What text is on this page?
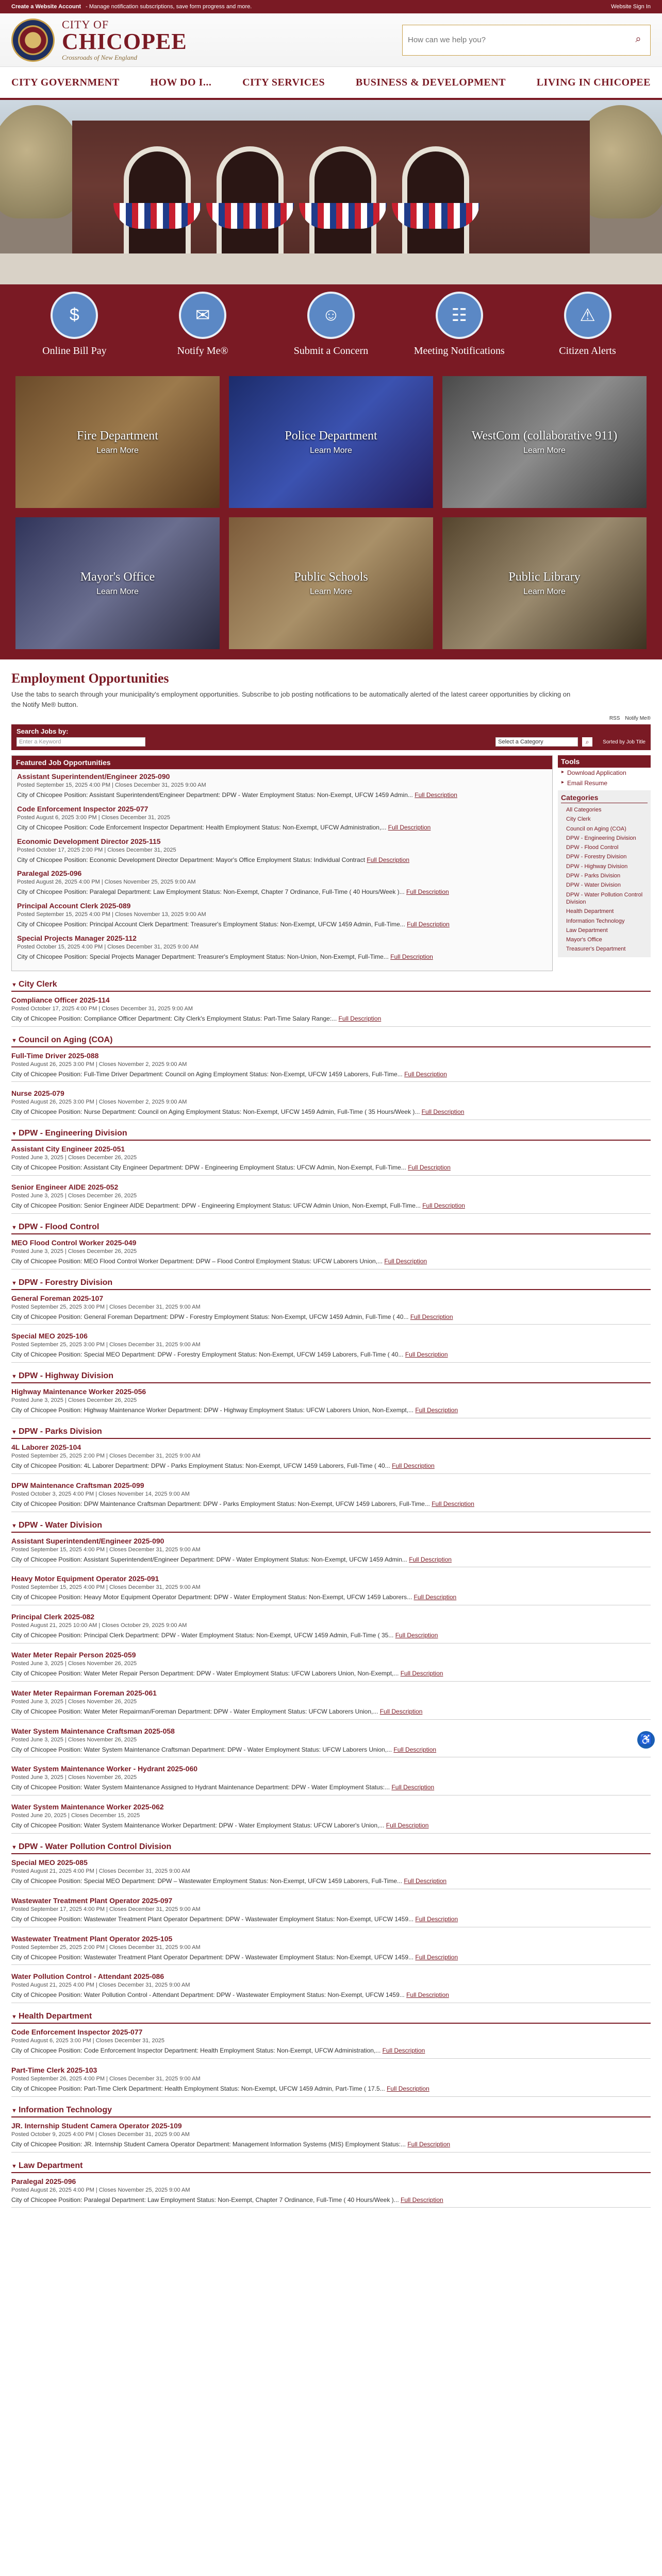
Create a Website Account - Manage notification subscriptions, save form progress and more.	Website Sign In
CITY OF
CHICOPEE
Crossroads of New England
How can we help you?
⌕
CITY GOVERNMENT	HOW DO I...	CITY SERVICES	BUSINESS & DEVELOPMENT	LIVING IN CHICOPEE
$
Online Bill Pay
✉
Notify Me®
☺
Submit a Concern
☷
Meeting Notifications
⚠
Citizen Alerts
Fire Department
Learn More
Police Department
Learn More
WestCom (collaborative 911)
Learn More
Mayor's Office
Learn More
Public Schools
Learn More
Public Library
Learn More
Employment Opportunities

Use the tabs to search through your municipality's employment opportunities. Subscribe to job posting notifications to be automatically alerted of the latest career opportunities by clicking on the Notify Me® button.

RSS Notify Me®
Search Jobs by:
Enter a Keyword	Select a Category	⌕	Sorted by Job Title
Featured Job Opportunities
Assistant Superintendent/Engineer 2025-090
Posted September 15, 2025 4:00 PM | Closes December 31, 2025 9:00 AM
City of Chicopee Position: Assistant Superintendent/Engineer Department: DPW - Water Employment Status: Non-Exempt, UFCW 1459 Admin... Full Description
Code Enforcement Inspector 2025-077
Posted August 6, 2025 3:00 PM | Closes December 31, 2025
City of Chicopee Position: Code Enforcement Inspector Department: Health Employment Status: Non-Exempt, UFCW Administration,... Full Description
Economic Development Director 2025-115
Posted October 17, 2025 2:00 PM | Closes December 31, 2025
City of Chicopee Position: Economic Development Director Department: Mayor's Office Employment Status: Individual Contract Full Description
Paralegal 2025-096
Posted August 26, 2025 4:00 PM | Closes November 25, 2025 9:00 AM
City of Chicopee Position: Paralegal Department: Law Employment Status: Non-Exempt, Chapter 7 Ordinance, Full-Time ( 40 Hours/Week )... Full Description
Principal Account Clerk 2025-089
Posted September 15, 2025 4:00 PM | Closes November 13, 2025 9:00 AM
City of Chicopee Position: Principal Account Clerk Department: Treasurer's Employment Status: Non-Exempt, UFCW 1459 Admin, Full-Time... Full Description
Special Projects Manager 2025-112
Posted October 15, 2025 4:00 PM | Closes December 31, 2025 9:00 AM
City of Chicopee Position: Special Projects Manager Department: Treasurer's Employment Status: Non-Union, Non-Exempt, Full-Time... Full Description
Tools
▸ Download Application
▸ Email Resume
Categories
All Categories
City Clerk
Council on Aging (COA)
DPW - Engineering Division
DPW - Flood Control
DPW - Forestry Division
DPW - Highway Division
DPW - Parks Division
DPW - Water Division
DPW - Water Pollution Control Division
Health Department
Information Technology
Law Department
Mayor's Office
Treasurer's Department
▼ City Clerk
Compliance Officer 2025-114
Posted October 17, 2025 4:00 PM | Closes December 31, 2025 9:00 AM
City of Chicopee Position: Compliance Officer Department: City Clerk's Employment Status: Part-Time Salary Range:... Full Description
▼ Council on Aging (COA)
Full-Time Driver 2025-088
Posted August 26, 2025 3:00 PM | Closes November 2, 2025 9:00 AM
City of Chicopee Position: Full-Time Driver Department: Council on Aging Employment Status: Non-Exempt, UFCW 1459 Laborers, Full-Time... Full Description
Nurse 2025-079
Posted August 26, 2025 3:00 PM | Closes November 2, 2025 9:00 AM
City of Chicopee Position: Nurse Department: Council on Aging Employment Status: Non-Exempt, UFCW 1459 Admin, Full-Time ( 35 Hours/Week )... Full Description
▼ DPW - Engineering Division
Assistant City Engineer 2025-051
Posted June 3, 2025 | Closes December 26, 2025
City of Chicopee Position: Assistant City Engineer Department: DPW - Engineering Employment Status: UFCW Admin, Non-Exempt, Full-Time... Full Description
Senior Engineer AIDE 2025-052
Posted June 3, 2025 | Closes December 26, 2025
City of Chicopee Position: Senior Engineer AIDE Department: DPW - Engineering Employment Status: UFCW Admin Union, Non-Exempt, Full-Time... Full Description
▼ DPW - Flood Control
MEO Flood Control Worker 2025-049
Posted June 3, 2025 | Closes December 26, 2025
City of Chicopee Position: MEO Flood Control Worker Department: DPW – Flood Control Employment Status: UFCW Laborers Union,... Full Description
▼ DPW - Forestry Division
General Foreman 2025-107
Posted September 25, 2025 3:00 PM | Closes December 31, 2025 9:00 AM
City of Chicopee Position: General Foreman Department: DPW - Forestry Employment Status: Non-Exempt, UFCW 1459 Admin, Full-Time ( 40... Full Description
Special MEO 2025-106
Posted September 25, 2025 3:00 PM | Closes December 31, 2025 9:00 AM
City of Chicopee Position: Special MEO Department: DPW - Forestry Employment Status: Non-Exempt, UFCW 1459 Laborers, Full-Time ( 40... Full Description
▼ DPW - Highway Division
Highway Maintenance Worker 2025-056
Posted June 3, 2025 | Closes December 26, 2025
City of Chicopee Position: Highway Maintenance Worker Department: DPW - Highway Employment Status: UFCW Laborers Union, Non-Exempt,... Full Description
▼ DPW - Parks Division
4L Laborer 2025-104
Posted September 25, 2025 2:00 PM | Closes December 31, 2025 9:00 AM
City of Chicopee Position: 4L Laborer Department: DPW - Parks Employment Status: Non-Exempt, UFCW 1459 Laborers, Full-Time ( 40... Full Description
DPW Maintenance Craftsman 2025-099
Posted October 3, 2025 4:00 PM | Closes November 14, 2025 9:00 AM
City of Chicopee Position: DPW Maintenance Craftsman Department: DPW - Parks Employment Status: Non-Exempt, UFCW 1459 Laborers, Full-Time... Full Description
▼ DPW - Water Division
Assistant Superintendent/Engineer 2025-090
Posted September 15, 2025 4:00 PM | Closes December 31, 2025 9:00 AM
City of Chicopee Position: Assistant Superintendent/Engineer Department: DPW - Water Employment Status: Non-Exempt, UFCW 1459 Admin... Full Description
Heavy Motor Equipment Operator 2025-091
Posted September 15, 2025 4:00 PM | Closes December 31, 2025 9:00 AM
City of Chicopee Position: Heavy Motor Equipment Operator Department: DPW - Water Employment Status: Non-Exempt, UFCW 1459 Laborers... Full Description
Principal Clerk 2025-082
Posted August 21, 2025 10:00 AM | Closes October 29, 2025 9:00 AM
City of Chicopee Position: Principal Clerk Department: DPW - Water Employment Status: Non-Exempt, UFCW 1459 Admin, Full-Time ( 35... Full Description
Water Meter Repair Person 2025-059
Posted June 3, 2025 | Closes November 26, 2025
City of Chicopee Position: Water Meter Repair Person Department: DPW - Water Employment Status: UFCW Laborers Union, Non-Exempt,... Full Description
Water Meter Repairman Foreman 2025-061
Posted June 3, 2025 | Closes November 26, 2025
City of Chicopee Position: Water Meter Repairman/Foreman Department: DPW - Water Employment Status: UFCW Laborers Union,... Full Description
Water System Maintenance Craftsman 2025-058
Posted June 3, 2025 | Closes November 26, 2025
City of Chicopee Position: Water System Maintenance Craftsman Department: DPW - Water Employment Status: UFCW Laborers Union,... Full Description
Water System Maintenance Worker - Hydrant 2025-060
Posted June 3, 2025 | Closes November 26, 2025
City of Chicopee Position: Water System Maintenance Assigned to Hydrant Maintenance Department: DPW - Water Employment Status:... Full Description
Water System Maintenance Worker 2025-062
Posted June 20, 2025 | Closes December 15, 2025
City of Chicopee Position: Water System Maintenance Worker Department: DPW - Water Employment Status: UFCW Laborer's Union,... Full Description
▼ DPW - Water Pollution Control Division
Special MEO 2025-085
Posted August 21, 2025 4:00 PM | Closes December 31, 2025 9:00 AM
City of Chicopee Position: Special MEO Department: DPW – Wastewater Employment Status: Non-Exempt, UFCW 1459 Laborers, Full-Time... Full Description
Wastewater Treatment Plant Operator 2025-097
Posted September 17, 2025 4:00 PM | Closes December 31, 2025 9:00 AM
City of Chicopee Position: Wastewater Treatment Plant Operator Department: DPW - Wastewater Employment Status: Non-Exempt, UFCW 1459... Full Description
Wastewater Treatment Plant Operator 2025-105
Posted September 25, 2025 2:00 PM | Closes December 31, 2025 9:00 AM
City of Chicopee Position: Wastewater Treatment Plant Operator Department: DPW - Wastewater Employment Status: Non-Exempt, UFCW 1459... Full Description
Water Pollution Control - Attendant 2025-086
Posted August 21, 2025 4:00 PM | Closes December 31, 2025 9:00 AM
City of Chicopee Position: Water Pollution Control - Attendant Department: DPW - Wastewater Employment Status: Non-Exempt, UFCW 1459... Full Description
▼ Health Department
Code Enforcement Inspector 2025-077
Posted August 6, 2025 3:00 PM | Closes December 31, 2025
City of Chicopee Position: Code Enforcement Inspector Department: Health Employment Status: Non-Exempt, UFCW Administration,... Full Description
Part-Time Clerk 2025-103
Posted September 26, 2025 4:00 PM | Closes December 31, 2025 9:00 AM
City of Chicopee Position: Part-Time Clerk Department: Health Employment Status: Non-Exempt, UFCW 1459 Admin, Part-Time ( 17.5... Full Description
▼ Information Technology
JR. Internship Student Camera Operator 2025-109
Posted October 9, 2025 4:00 PM | Closes December 31, 2025 9:00 AM
City of Chicopee Position: JR. Internship Student Camera Operator Department: Management Information Systems (MIS) Employment Status:... Full Description
▼ Law Department
Paralegal 2025-096
Posted August 26, 2025 4:00 PM | Closes November 25, 2025 9:00 AM
City of Chicopee Position: Paralegal Department: Law Employment Status: Non-Exempt, Chapter 7 Ordinance, Full-Time ( 40 Hours/Week )... Full Description
♿
